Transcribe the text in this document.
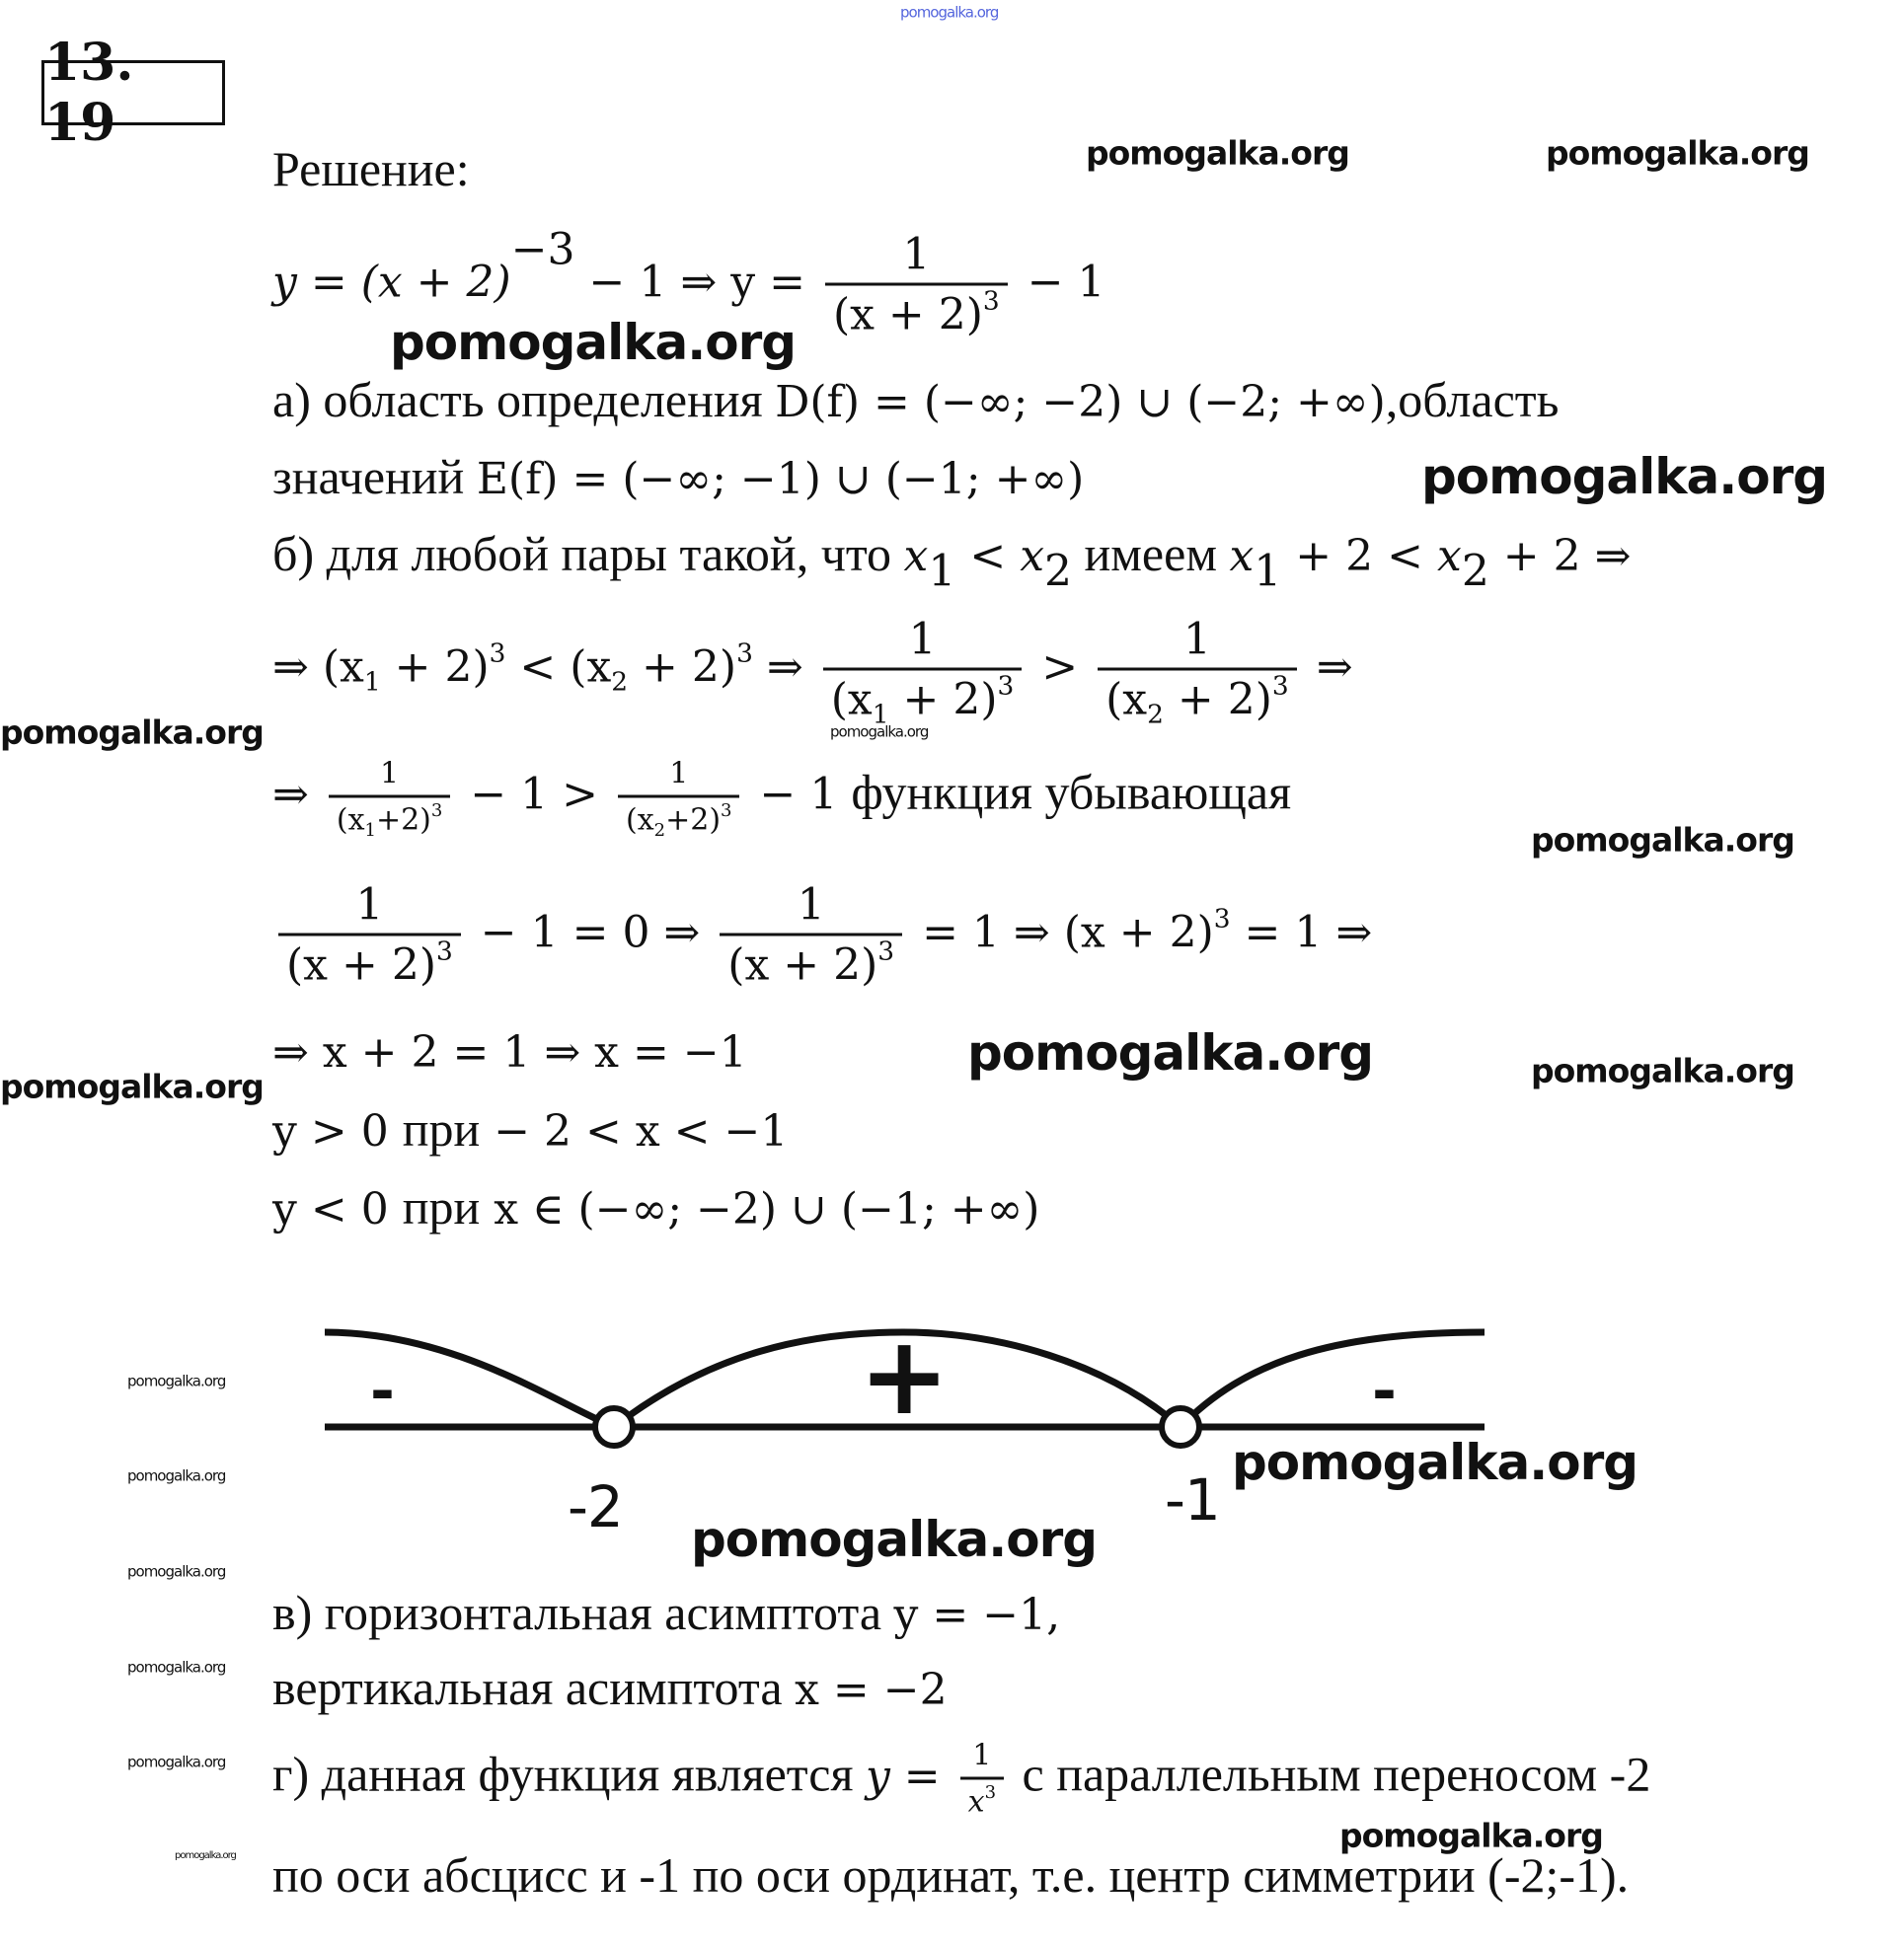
pomogalka.org
13. 19
Решение:
$y = (x + 2)^{-3} - 1$ ⇒ $y = \frac{1}{(x + 2)^3} - 1$
а) область определения D(f) = (−∞; −2) ∪ (−2; +∞),область
значений E(f) = (−∞; −1) ∪ (−1; +∞)
б) для любой пары такой, что $x_1 < x_2$ имеем $x_1 + 2 < x_2 + 2$ ⇒
⇒ $(x_1 + 2)^3 < (x_2 + 2)^3$ ⇒ $\frac{1}{(x_1 + 2)^3} > \frac{1}{(x_2 + 2)^3}$ ⇒
⇒ $\frac{1}{(x_1+2)^3} - 1 > \frac{1}{(x_2+2)^3} - 1$ функция убывающая
$\frac{1}{(x + 2)^3} - 1 = 0$ ⇒ $\frac{1}{(x + 2)^3} = 1$ ⇒ $(x + 2)^3 = 1$ ⇒
⇒ x + 2 = 1 ⇒ x = −1
y > 0 при − 2 < x < −1
y < 0 при x ∈ (−∞; −2) ∪ (−1; +∞)
-	+	-
-2	-1
в) горизонтальная асимптота y = −1,
вертикальная асимптота x = −2
г) данная функция является $y = \frac{1}{x^3}$ с параллельным переносом -2
по оси абсцисс и -1 по оси ординат, т.е. центр симметрии (-2;-1).
pomogalka.org	pomogalka.org
pomogalka.org
pomogalka.org
pomogalka.org	pomogalka.org
pomogalka.org
pomogalka.org
pomogalka.org	pomogalka.org
pomogalka.org
pomogalka.org
pomogalka.org
pomogalka.org
pomogalka.org
pomogalka.org
pomogalka.org
pomogalka.org
pomogalka.org
